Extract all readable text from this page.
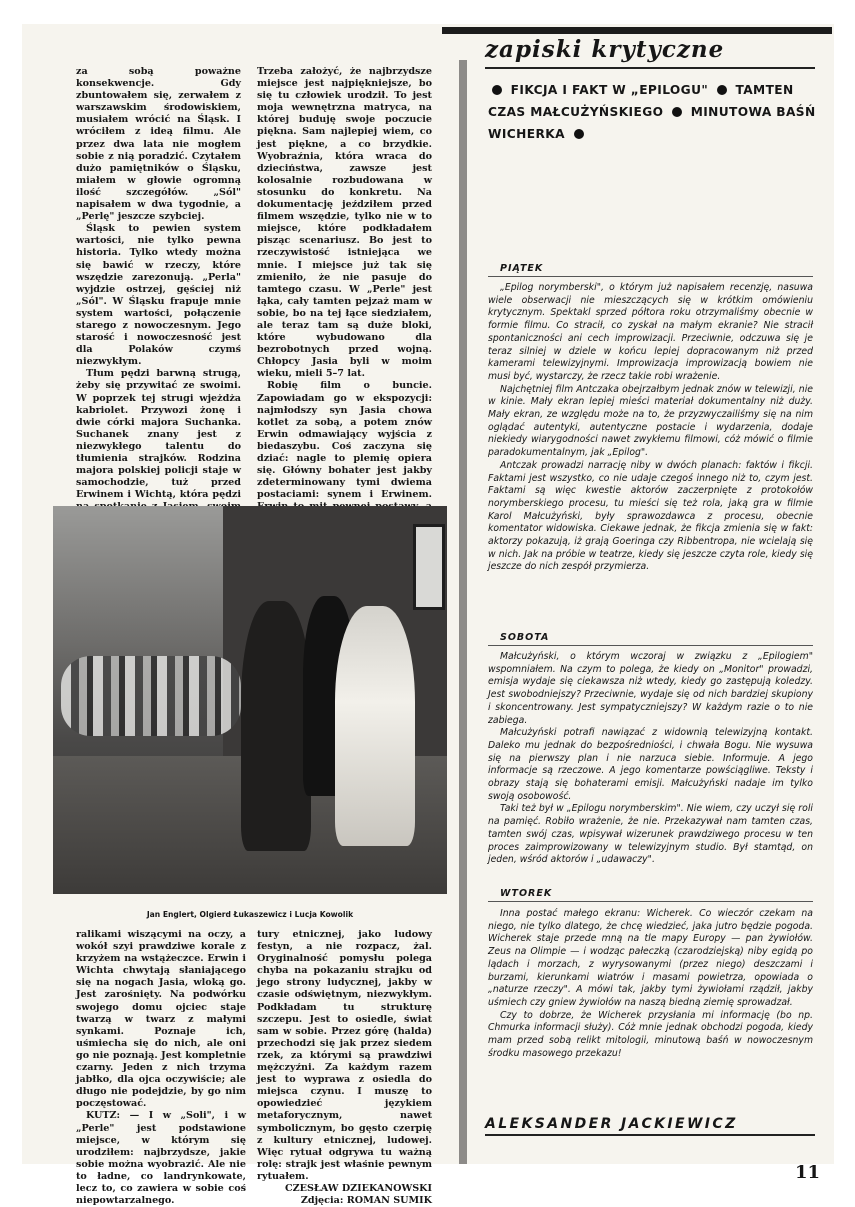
za sobą poważne konsekwencje. Gdy zbuntowałem się, zerwałem z warszawskim środowiskiem, musiałem wrócić na Śląsk. I wróciłem z ideą filmu. Ale przez dwa lata nie mogłem sobie z nią poradzić. Czytałem dużo pamiętników o Śląsku, miałem w głowie ogromną ilość szczegółów. „Sól" napisałem w dwa tygodnie, a „Perlę" jeszcze szybciej.

Śląsk to pewien system wartości, nie tylko pewna historia. Tylko wtedy można się bawić w rzeczy, które wszędzie zarezonują. „Perla" wyjdzie ostrzej, gęściej niż „Sól". W Śląsku frapuje mnie system wartości, połączenie starego z nowoczesnym. Jego starość i nowoczesność jest dla Polaków czymś niezwykłym.

Tłum pędzi barwną strugą, żeby się przywitać ze swoimi. W poprzek tej strugi wjeżdża kabriolet. Przywozi żonę i dwie córki majora Suchanka. Suchanek znany jest z niezwykłego talentu do tłumienia strajków. Rodzina majora polskiej policji staje w samochodzie, tuż przed Erwinem i Wichtą, która pędzi

Trzeba założyć, że najbrzydsze miejsce jest najpiękniejsze, bo się tu człowiek urodził. To jest moja wewnętrzna matryca, na której buduję swoje poczucie piękna. Sam najlepiej wiem, co jest piękne, a co brzydkie. Wyobraźnia, która wraca do dzieciństwa, zawsze jest kolosalnie rozbudowana w stosunku do konkretu. Na dokumentację jeździłem przed filmem wszędzie, tylko nie w to miejsce, które podkładałem pisząc scenariusz. Bo jest to rzeczywistość istniejąca we mnie. I miejsce już tak się zmieniło, że nie pasuje do tamtego czasu. W „Perle" jest łąka, cały tamten pejzaż mam w sobie, bo na tej łące siedziałem, ale teraz tam są duże bloki, które wybudowano dla bezrobotnych przed wojną. Chłopcy Jasia byli w moim wieku, mieli 5–7 lat.

Robię film o buncie. Zapowiadam go w ekspozycji: najmłodszy syn Jasia chowa kotlet za sobą, a potem znów Erwin odmawiający wyjścia z biedaszybu. Coś zaczyna się dziać: nagle to plemię opiera się. Główny bohater jest jakby zdeterminowany tymi dwiema postaciami: synem i Erwinem.

Jan Englert, Olgierd Łukaszewicz i Lucja Kowolik

ralikami wiszącymi na oczy, a wokół szyi prawdziwe korale z krzyżem na wstążeczce. Erwin i Wichta chwytają słaniającego się na nogach Jasia, wloką go. Jest zarośnięty. Na podwórku swojego domu ojciec staje twarzą w twarz z małymi synkami. Poznaje ich, uśmiecha się do nich, ale oni go nie poznają. Jest kompletnie czarny. Jeden z nich trzyma jabłko, dla ojca oczywiście; ale długo nie podejdzie, by go nim poczęstować.

KUTZ: — I w „Soli", i w „Perle" jest podstawione miejsce, w którym się urodziłem: najbrzydsze, jakie sobie można wyobrazić. Ale nie to ładne, co landrynkowate, lecz to, co zawiera w sobie coś niepowtarzalnego.

tury etnicznej, jako ludowy festyn, a nie rozpacz, żal. Oryginalność pomysłu polega chyba na pokazaniu strajku od jego strony ludycznej, jakby w czasie odświętnym, niezwykłym. Podkładam tu strukturę szczepu. Jest to osiedle, świat sam w sobie. Przez górę (halda) przechodzi się jak przez siedem rzek, za którymi są prawdziwi mężczyźni. Za każdym razem jest to wyprawa z osiedla do miejsca czynu. I muszę to opowiedzieć językiem metaforycznym, nawet symbolicznym, bo gęsto czerpię z kultury etnicznej, ludowej. Więc rytuał odgrywa tu ważną rolę: strajk jest właśnie pewnym rytuałem.

CZESŁAW DZIEKANOWSKI

Zdjęcia: ROMAN SUMIK

zapiski krytyczne
FIKCJA I FAKT W „EPILOGU" TAMTEN CZAS MAŁCUŻYŃSKIEGO MINUTOWA BAŚŃ WICHERKA
PIĄTEK

„Epilog norymberski", o którym już napisałem recenzję, nasuwa wiele obserwacji nie mieszczących się w krótkim omówieniu krytycznym. Spektakl sprzed półtora roku otrzymaliśmy obecnie w formie filmu. Co stracił, co zyskał na małym ekranie? Nie stracił spontaniczności ani cech improwizacji. Przeciwnie, odczuwa się je teraz silniej w dziele w końcu lepiej dopracowanym niż przed kamerami telewizyjnymi. Improwizacja improwizacją bowiem nie musi być, wystarczy, że rzecz takie robi wrażenie.

Najchętniej film Antczaka obejrzałbym jednak znów w telewizji, nie w kinie. Mały ekran lepiej mieści materiał dokumentalny niż duży. Mały ekran, ze względu może na to, że przyzwyczailiśmy się na nim oglądać autentyki, autentyczne postacie i wydarzenia, dodaje niekiedy wiarygodności nawet zwykłemu filmowi, cóż mówić o filmie paradokumentalnym, jak „Epilog".

Antczak prowadzi narrację niby w dwóch planach: faktów i fikcji. Faktami jest wszystko, co nie udaje czegoś innego niż to, czym jest. Faktami są więc kwestie aktorów zaczerpnięte z protokołów norymberskiego procesu, tu mieści się też rola, jaką gra w filmie Karol Małcużyński, były sprawozdawca z procesu, obecnie komentator widowiska. Ciekawe jednak, że fikcja zmienia się w fakt: aktorzy pokazują, iż grają Goeringa czy Ribbentropa, nie wcielają się w nich. Jak na próbie w teatrze, kiedy się jeszcze czyta role, kiedy się jeszcze do nich zespół przymierza.

SOBOTA

Małcużyński, o którym wczoraj w związku z „Epilogiem" wspomniałem. Na czym to polega, że kiedy on „Monitor" prowadzi, emisja wydaje się ciekawsza niż wtedy, kiedy go zastępują koledzy. Jest swobodniejszy? Przeciwnie, wydaje się od nich bardziej skupiony i skoncentrowany. Jest sympatyczniejszy? W każdym razie o to nie zabiega.

Małcużyński potrafi nawiązać z widownią telewizyjną kontakt. Daleko mu jednak do bezpośredniości, i chwała Bogu. Nie wysuwa się na pierwszy plan i nie narzuca siebie. Informuje. A jego informacje są rzeczowe. A jego komentarze powściągliwe. Teksty i obrazy stają się bohaterami emisji. Małcużyński nadaje im tylko swoją osobowość.

Taki też był w „Epilogu norymberskim". Nie wiem, czy uczył się roli na pamięć. Robiło wrażenie, że nie. Przekazywał nam tamten czas, tamten swój czas, wpisywał wizerunek prawdziwego procesu w ten proces zaimprowizowany w telewizyjnym studio. Był stamtąd, on jeden, wśród aktorów i „udawaczy".

WTOREK

Inna postać małego ekranu: Wicherek. Co wieczór czekam na niego, nie tylko dlatego, że chcę wiedzieć, jaka jutro będzie pogoda. Wicherek staje przede mną na tle mapy Europy — pan żywiołów. Zeus na Olimpie — i wodząc pałeczką (czarodziejską) niby egidą po lądach i morzach, z wyrysowanymi (przez niego) deszczami i burzami, kierunkami wiatrów i masami powietrza, opowiada o „naturze rzeczy". A mówi tak, jakby tymi żywiołami rządził, jakby uśmiech czy gniew żywiołów na naszą biedną ziemię sprowadzał.

Czy to dobrze, że Wicherek przysłania mi informację (bo np. Chmurka informacji służy). Cóż mnie jednak obchodzi pogoda, kiedy mam przed sobą relikt mitologii, minutową baśń w nowoczesnym środku masowego przekazu!

ALEKSANDER JACKIEWICZ
11
